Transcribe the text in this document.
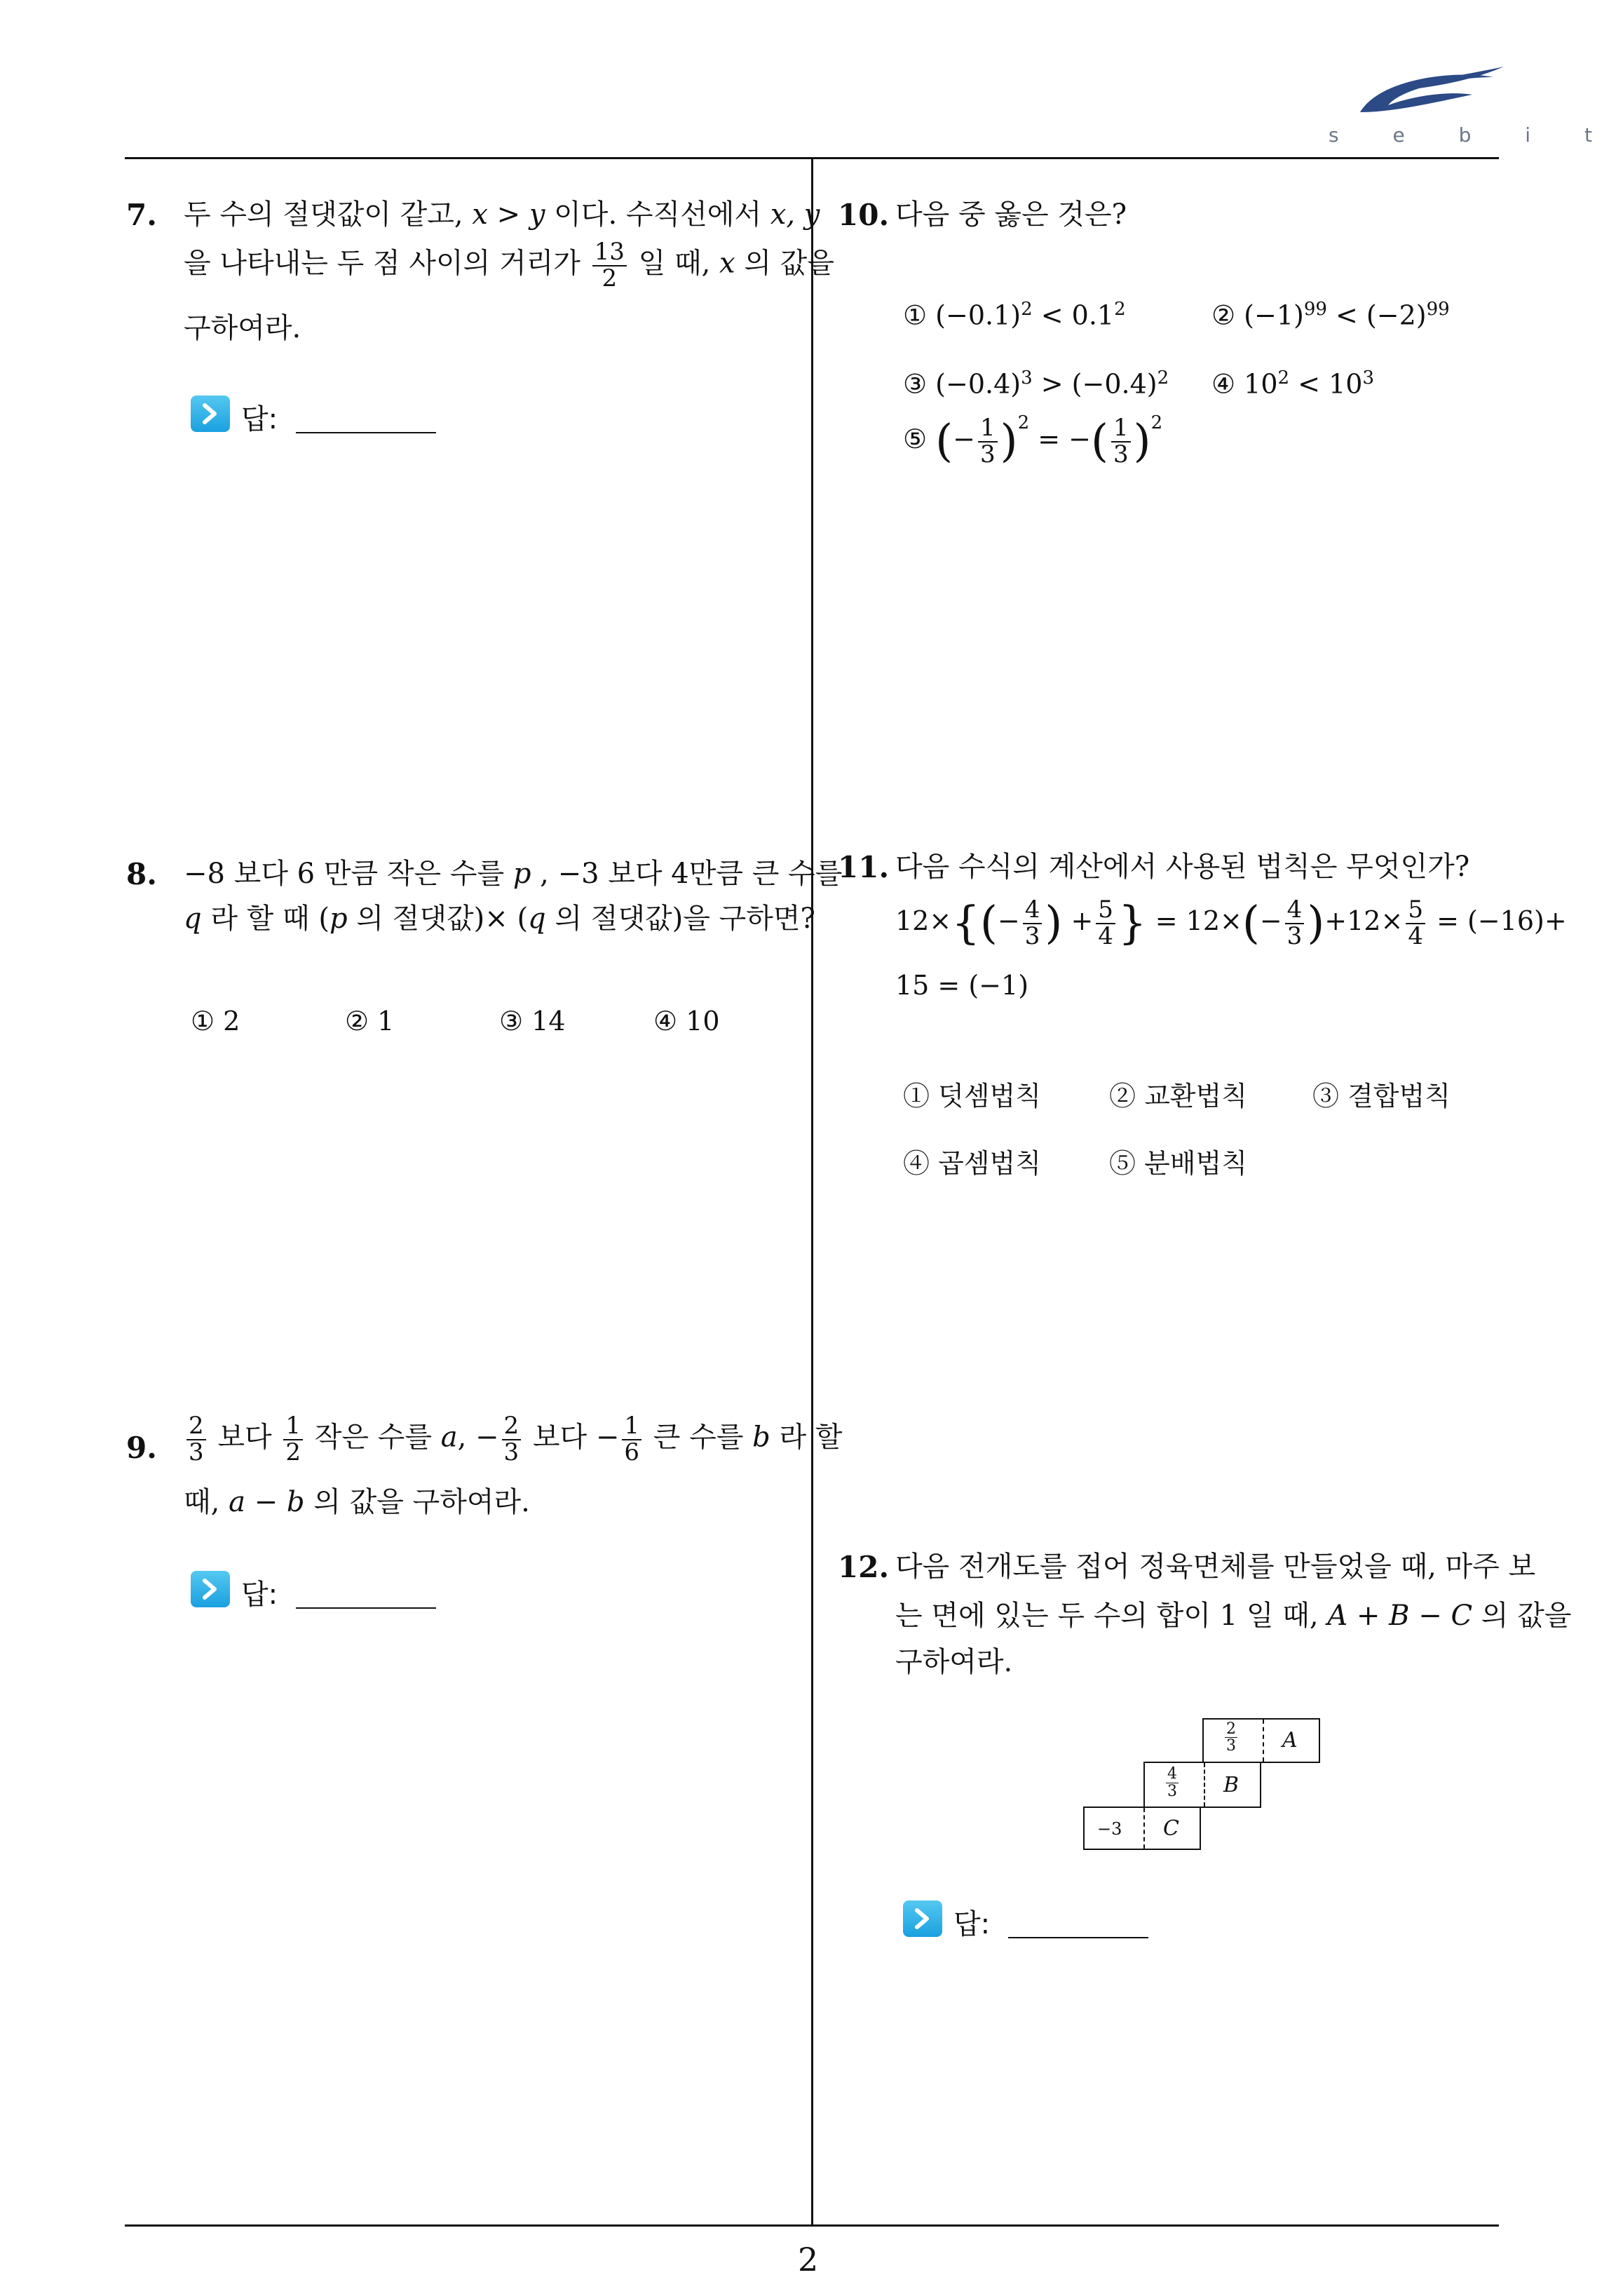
s e b i t
7. 두 수의 절댓값이 같고, x > y 이다. 수직선에서 x, y
을 나타내는 두 점 사이의 거리가 $\frac{13}{2}$ 일 때, x 의 값을
구하여라.
답:
8. −8 보다 6 만큼 작은 수를 p , −3 보다 4만큼 큰 수를
q 라 할 때 (p 의 절댓값)× (q 의 절댓값)을 구하면?
① 2	② 1	③ 14	④ 10
9. $\frac{2}{3}$ 보다 $\frac{1}{2}$ 작은 수를 a, − $\frac{2}{3}$ 보다 − $\frac{1}{6}$ 큰 수를 b 라 할
때, a − b 의 값을 구하여라.
답:
10. 다음 중 옳은 것은?
① $(-0.1)^2 < 0.1^2$	② $(-1)^{99} < (-2)^{99}$
③ $(-0.4)^3 > (-0.4)^2$ ④ $10^2 < 10^3$
⑤ (− $\frac{1}{3} )^2$ = −( $\frac{1}{3} )^2$
11. 다음 수식의 계산에서 사용된 법칙은 무엇인가?
$12\times\{(- \frac{4}{3}$ ) + $\frac{5}{4}$ } = $12\times(- \frac{4}{3} )+12\times \frac{5}{4} = (-16)+$
15 = (−1)
① 덧셈법칙	② 교환법칙 ③ 결합법칙
④ 곱셈법칙	⑤ 분배법칙
12. 다음 전개도를 접어 정육면체를 만들었을 때, 마주 보
는 면에 있는 두 수의 합이 1 일 때, A + B − C 의 값을
구하여라.
$\frac{2}{3}$ A
$\frac{4}{3}$ B
−3 C
답:
2
